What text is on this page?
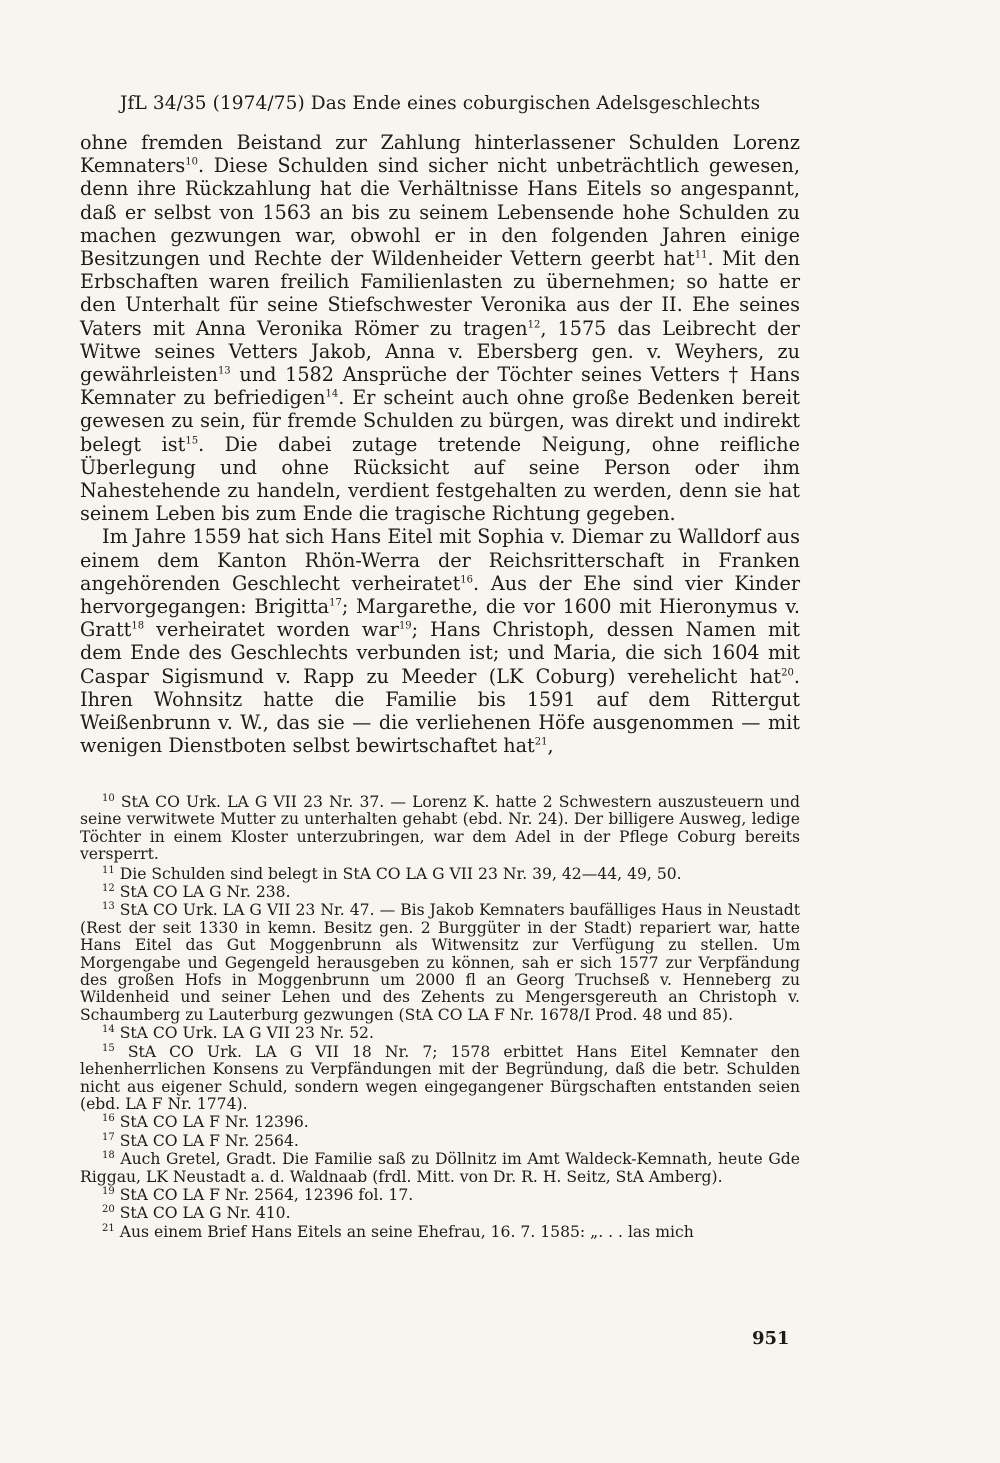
JfL 34/35 (1974/75) Das Ende eines coburgischen Adelsgeschlechts

ohne fremden Beistand zur Zahlung hinterlassener Schulden Lorenz Kemnaters$^{10}$. Diese Schulden sind sicher nicht unbeträchtlich gewesen, denn ihre Rückzahlung hat die Verhältnisse Hans Eitels so angespannt, daß er selbst von 1563 an bis zu seinem Lebensende hohe Schulden zu machen gezwungen war, obwohl er in den folgenden Jahren einige Besitzungen und Rechte der Wildenheider Vettern geerbt hat$^{11}$. Mit den Erbschaften waren freilich Familienlasten zu übernehmen; so hatte er den Unterhalt für seine Stiefschwester Veronika aus der II. Ehe seines Vaters mit Anna Veronika Römer zu tragen$^{12}$, 1575 das Leibrecht der Witwe seines Vetters Jakob, Anna v. Ebersberg gen. v. Weyhers, zu gewährleisten$^{13}$ und 1582 Ansprüche der Töchter seines Vetters † Hans Kemnater zu befriedigen$^{14}$. Er scheint auch ohne große Bedenken bereit gewesen zu sein, für fremde Schulden zu bürgen, was direkt und indirekt belegt ist$^{15}$. Die dabei zutage tretende Neigung, ohne reifliche Überlegung und ohne Rücksicht auf seine Person oder ihm Nahestehende zu handeln, verdient festgehalten zu werden, denn sie hat seinem Leben bis zum Ende die tragische Richtung gegeben.

Im Jahre 1559 hat sich Hans Eitel mit Sophia v. Diemar zu Walldorf aus einem dem Kanton Rhön-Werra der Reichsritterschaft in Franken angehörenden Geschlecht verheiratet$^{16}$. Aus der Ehe sind vier Kinder hervorgegangen: Brigitta$^{17}$; Margarethe, die vor 1600 mit Hieronymus v. Gratt$^{18}$ verheiratet worden war$^{19}$; Hans Christoph, dessen Namen mit dem Ende des Geschlechts verbunden ist; und Maria, die sich 1604 mit Caspar Sigismund v. Rapp zu Meeder (LK Coburg) verehelicht hat$^{20}$. Ihren Wohnsitz hatte die Familie bis 1591 auf dem Rittergut Weißenbrunn v. W., das sie — die verliehenen Höfe ausgenommen — mit wenigen Dienstboten selbst bewirtschaftet hat$^{21}$,

$^{10}$ StA CO Urk. LA G VII 23 Nr. 37. — Lorenz K. hatte 2 Schwestern auszusteuern und seine verwitwete Mutter zu unterhalten gehabt (ebd. Nr. 24). Der billigere Ausweg, ledige Töchter in einem Kloster unterzubringen, war dem Adel in der Pflege Coburg bereits versperrt.

$^{11}$ Die Schulden sind belegt in StA CO LA G VII 23 Nr. 39, 42—44, 49, 50.

$^{12}$ StA CO LA G Nr. 238.

$^{13}$ StA CO Urk. LA G VII 23 Nr. 47. — Bis Jakob Kemnaters baufälliges Haus in Neustadt (Rest der seit 1330 in kemn. Besitz gen. 2 Burggüter in der Stadt) repariert war, hatte Hans Eitel das Gut Moggenbrunn als Witwensitz zur Verfügung zu stellen. Um Morgengabe und Gegengeld herausgeben zu können, sah er sich 1577 zur Verpfändung des großen Hofs in Moggenbrunn um 2000 fl an Georg Truchseß v. Henneberg zu Wildenheid und seiner Lehen und des Zehents zu Mengersgereuth an Christoph v. Schaumberg zu Lauterburg gezwungen (StA CO LA F Nr. 1678/I Prod. 48 und 85).

$^{14}$ StA CO Urk. LA G VII 23 Nr. 52.

$^{15}$ StA CO Urk. LA G VII 18 Nr. 7; 1578 erbittet Hans Eitel Kemnater den lehenherrlichen Konsens zu Verpfändungen mit der Begründung, daß die betr. Schulden nicht aus eigener Schuld, sondern wegen eingegangener Bürgschaften entstanden seien (ebd. LA F Nr. 1774).

$^{16}$ StA CO LA F Nr. 12396.

$^{17}$ StA CO LA F Nr. 2564.

$^{18}$ Auch Gretel, Gradt. Die Familie saß zu Döllnitz im Amt Waldeck-Kemnath, heute Gde Riggau, LK Neustadt a. d. Waldnaab (frdl. Mitt. von Dr. R. H. Seitz, StA Amberg).

$^{19}$ StA CO LA F Nr. 2564, 12396 fol. 17.

$^{20}$ StA CO LA G Nr. 410.

$^{21}$ Aus einem Brief Hans Eitels an seine Ehefrau, 16. 7. 1585: „. . . las mich

951
